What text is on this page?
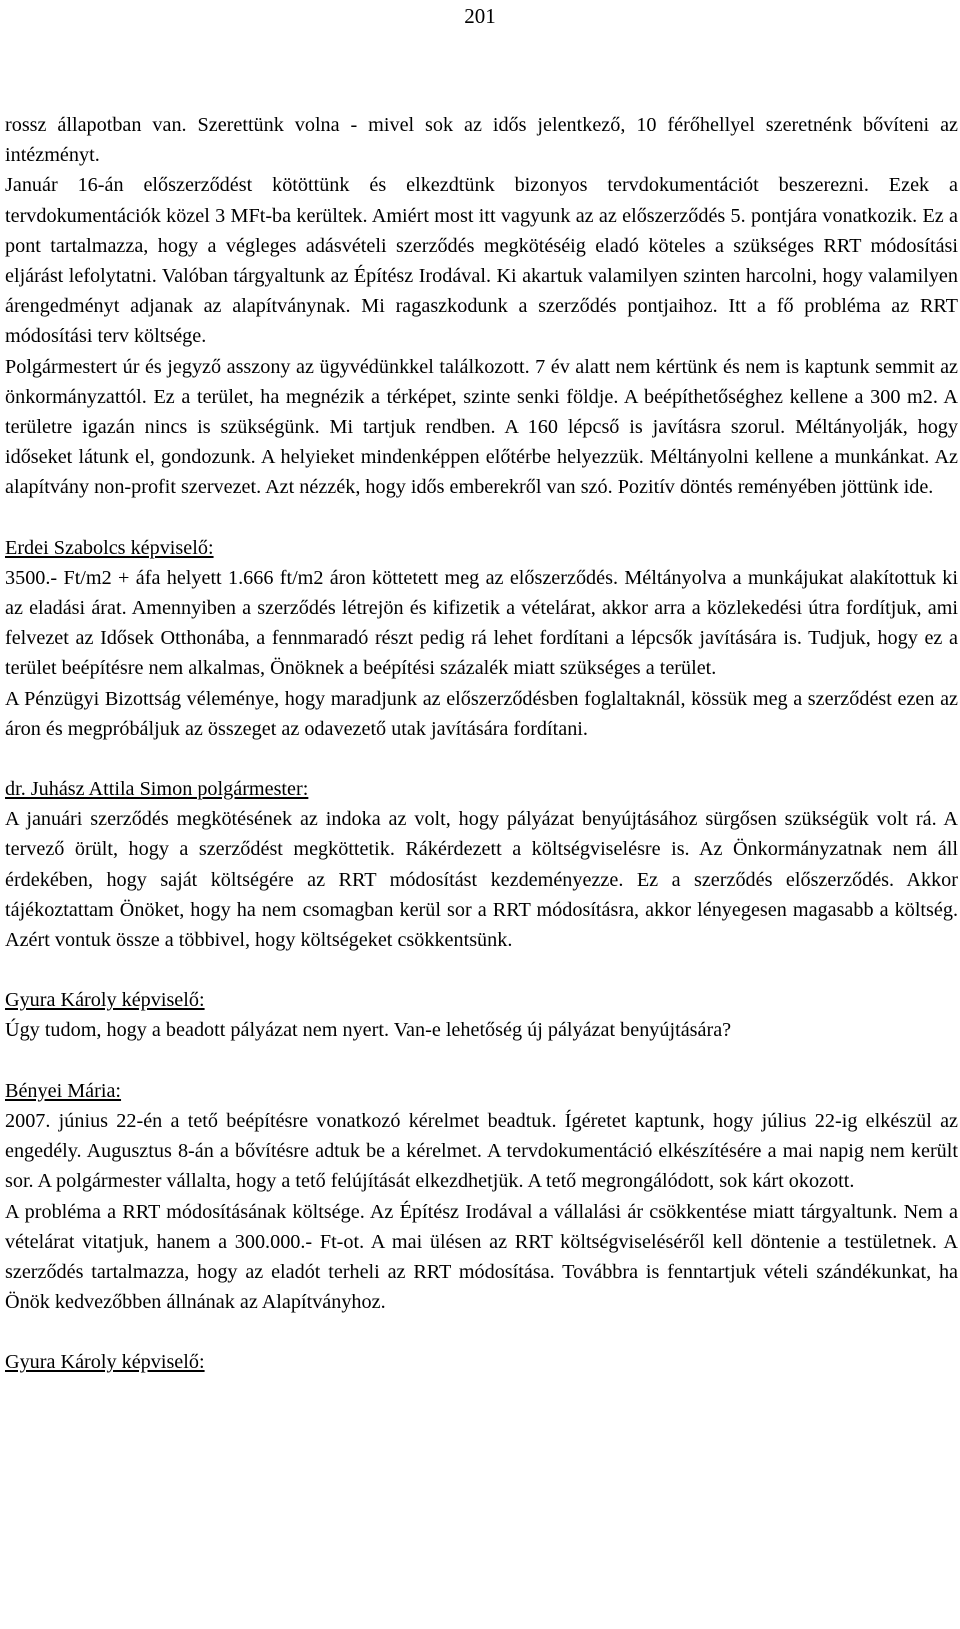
201

rossz állapotban van. Szerettünk volna - mivel sok az idős jelentkező, 10 férőhellyel szeretnénk bővíteni az intézményt.

Január 16-án előszerződést kötöttünk és elkezdtünk bizonyos tervdokumentációt beszerezni. Ezek a tervdokumentációk közel 3 MFt-ba kerültek. Amiért most itt vagyunk az az előszerződés 5. pontjára vonatkozik. Ez a pont tartalmazza, hogy a végleges adásvételi szerződés megkötéséig eladó köteles a szükséges RRT módosítási eljárást lefolytatni. Valóban tárgyaltunk az Építész Irodával. Ki akartuk valamilyen szinten harcolni, hogy valamilyen árengedményt adjanak az alapítványnak. Mi ragaszkodunk a szerződés pontjaihoz. Itt a fő probléma az RRT módosítási terv költsége.

Polgármestert úr és jegyző asszony az ügyvédünkkel találkozott. 7 év alatt nem kértünk és nem is kaptunk semmit az önkormányzattól. Ez a terület, ha megnézik a térképet, szinte senki földje. A beépíthetőséghez kellene a 300 m2. A területre igazán nincs is szükségünk. Mi tartjuk rendben. A 160 lépcső is javításra szorul. Méltányolják, hogy időseket látunk el, gondozunk. A helyieket mindenképpen előtérbe helyezzük. Méltányolni kellene a munkánkat. Az alapítvány non-profit szervezet. Azt nézzék, hogy idős emberekről van szó. Pozitív döntés reményében jöttünk ide.

Erdei Szabolcs képviselő:

3500.- Ft/m2 + áfa helyett 1.666 ft/m2 áron köttetett meg az előszerződés. Méltányolva a munkájukat alakítottuk ki az eladási árat. Amennyiben a szerződés létrejön és kifizetik a vételárat, akkor arra a közlekedési útra fordítjuk, ami felvezet az Idősek Otthonába, a fennmaradó részt pedig rá lehet fordítani a lépcsők javítására is. Tudjuk, hogy ez a terület beépítésre nem alkalmas, Önöknek a beépítési százalék miatt szükséges a terület.

A Pénzügyi Bizottság véleménye, hogy maradjunk az előszerződésben foglaltaknál, kössük meg a szerződést ezen az áron és megpróbáljuk az összeget az odavezető utak javítására fordítani.

dr. Juhász Attila Simon polgármester:

A januári szerződés megkötésének az indoka az volt, hogy pályázat benyújtásához sürgősen szükségük volt rá. A tervező örült, hogy a szerződést megköttetik. Rákérdezett a költségviselésre is. Az Önkormányzatnak nem áll érdekében, hogy saját költségére az RRT módosítást kezdeményezze. Ez a szerződés előszerződés. Akkor tájékoztattam Önöket, hogy ha nem csomagban kerül sor a RRT módosításra, akkor lényegesen magasabb a költség. Azért vontuk össze a többivel, hogy költségeket csökkentsünk.

Gyura Károly képviselő:

Úgy tudom, hogy a beadott pályázat nem nyert. Van-e lehetőség új pályázat benyújtására?

Bényei Mária:

2007. június 22-én a tető beépítésre vonatkozó kérelmet beadtuk. Ígéretet kaptunk, hogy július 22-ig elkészül az engedély. Augusztus 8-án a bővítésre adtuk be a kérelmet. A tervdokumentáció elkészítésére a mai napig nem került sor. A polgármester vállalta, hogy a tető felújítását elkezdhetjük. A tető megrongálódott, sok kárt okozott.

A probléma a RRT módosításának költsége. Az Építész Irodával a vállalási ár csökkentése miatt tárgyaltunk. Nem a vételárat vitatjuk, hanem a 300.000.- Ft-ot. A mai ülésen az RRT költségviseléséről kell döntenie a testületnek. A szerződés tartalmazza, hogy az eladót terheli az RRT módosítása. Továbbra is fenntartjuk vételi szándékunkat, ha Önök kedvezőbben állnának az Alapítványhoz.

Gyura Károly képviselő:
